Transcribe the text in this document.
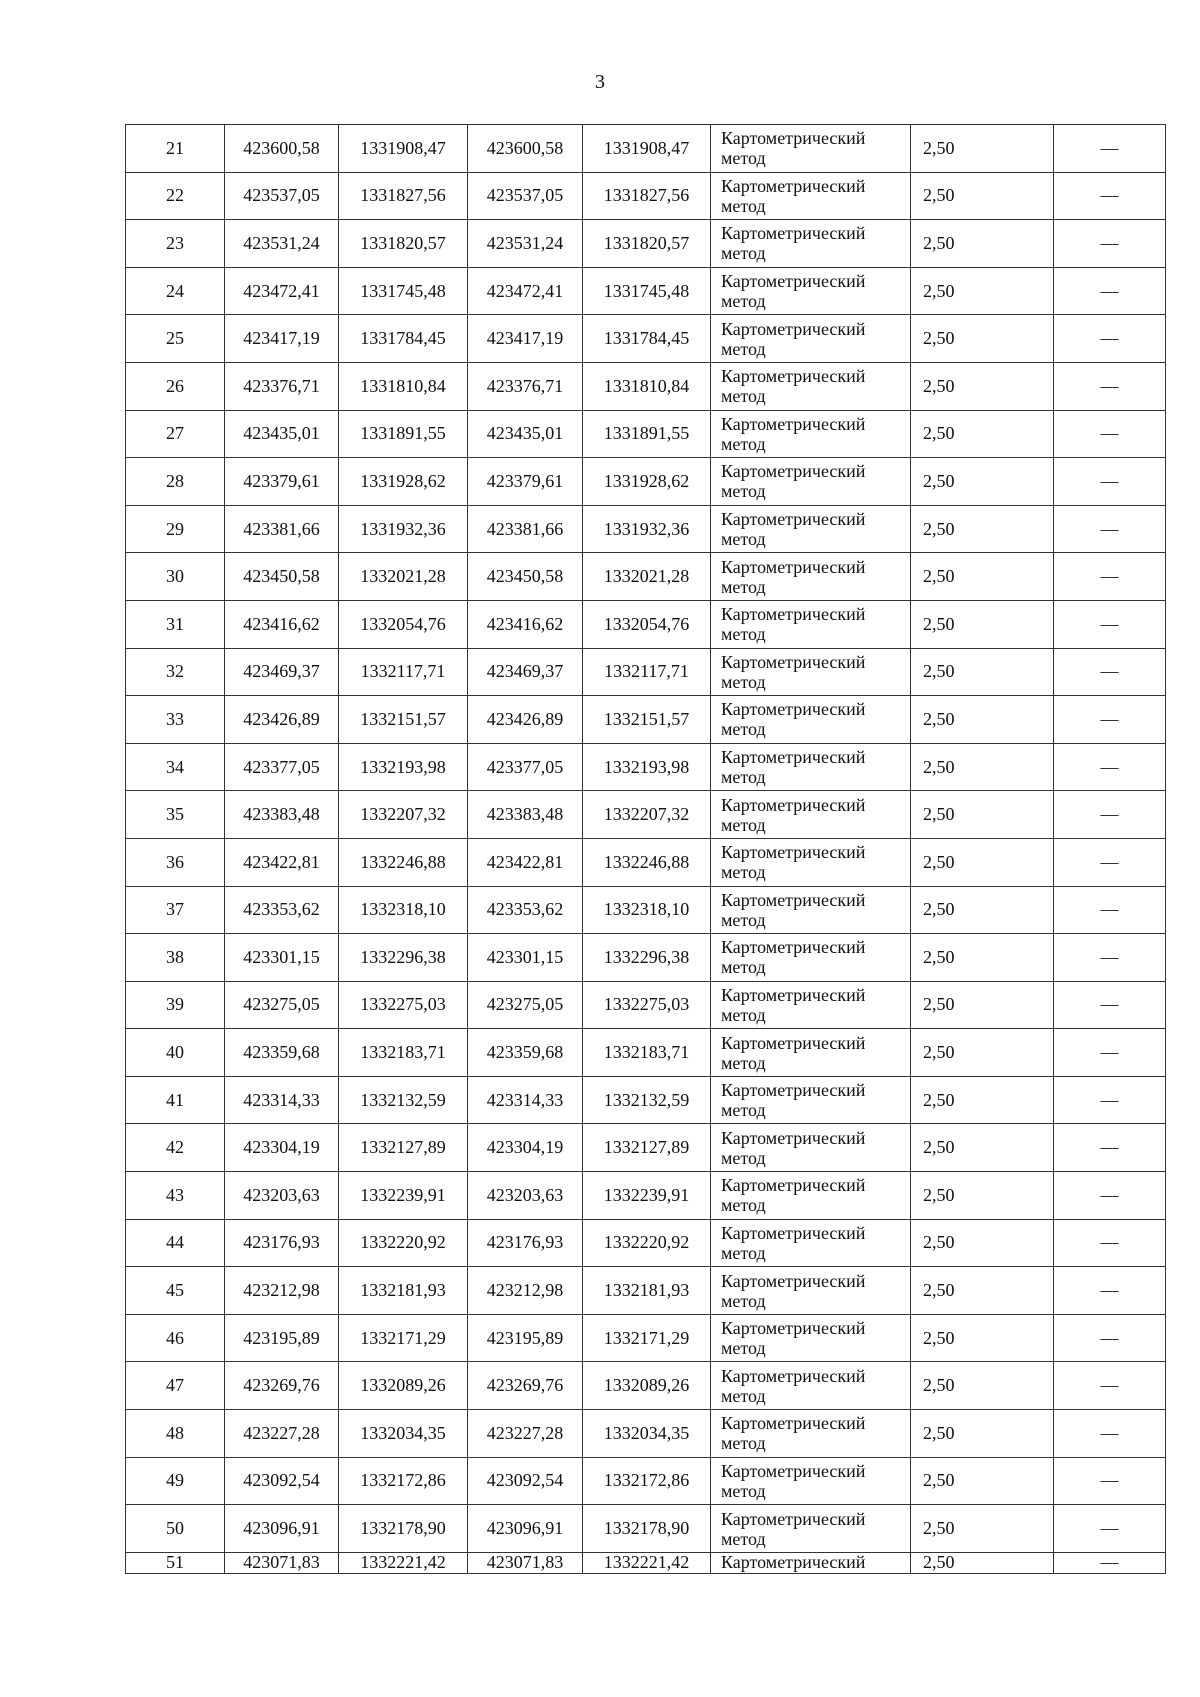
3
21	423600,58	1331908,47	423600,58	1331908,47	Картометрический
метод	2,50	—
22	423537,05	1331827,56	423537,05	1331827,56	Картометрический
метод	2,50	—
23	423531,24	1331820,57	423531,24	1331820,57	Картометрический
метод	2,50	—
24	423472,41	1331745,48	423472,41	1331745,48	Картометрический
метод	2,50	—
25	423417,19	1331784,45	423417,19	1331784,45	Картометрический
метод	2,50	—
26	423376,71	1331810,84	423376,71	1331810,84	Картометрический
метод	2,50	—
27	423435,01	1331891,55	423435,01	1331891,55	Картометрический
метод	2,50	—
28	423379,61	1331928,62	423379,61	1331928,62	Картометрический
метод	2,50	—
29	423381,66	1331932,36	423381,66	1331932,36	Картометрический
метод	2,50	—
30	423450,58	1332021,28	423450,58	1332021,28	Картометрический
метод	2,50	—
31	423416,62	1332054,76	423416,62	1332054,76	Картометрический
метод	2,50	—
32	423469,37	1332117,71	423469,37	1332117,71	Картометрический
метод	2,50	—
33	423426,89	1332151,57	423426,89	1332151,57	Картометрический
метод	2,50	—
34	423377,05	1332193,98	423377,05	1332193,98	Картометрический
метод	2,50	—
35	423383,48	1332207,32	423383,48	1332207,32	Картометрический
метод	2,50	—
36	423422,81	1332246,88	423422,81	1332246,88	Картометрический
метод	2,50	—
37	423353,62	1332318,10	423353,62	1332318,10	Картометрический
метод	2,50	—
38	423301,15	1332296,38	423301,15	1332296,38	Картометрический
метод	2,50	—
39	423275,05	1332275,03	423275,05	1332275,03	Картометрический
метод	2,50	—
40	423359,68	1332183,71	423359,68	1332183,71	Картометрический
метод	2,50	—
41	423314,33	1332132,59	423314,33	1332132,59	Картометрический
метод	2,50	—
42	423304,19	1332127,89	423304,19	1332127,89	Картометрический
метод	2,50	—
43	423203,63	1332239,91	423203,63	1332239,91	Картометрический
метод	2,50	—
44	423176,93	1332220,92	423176,93	1332220,92	Картометрический
метод	2,50	—
45	423212,98	1332181,93	423212,98	1332181,93	Картометрический
метод	2,50	—
46	423195,89	1332171,29	423195,89	1332171,29	Картометрический
метод	2,50	—
47	423269,76	1332089,26	423269,76	1332089,26	Картометрический
метод	2,50	—
48	423227,28	1332034,35	423227,28	1332034,35	Картометрический
метод	2,50	—
49	423092,54	1332172,86	423092,54	1332172,86	Картометрический
метод	2,50	—
50	423096,91	1332178,90	423096,91	1332178,90	Картометрический
метод	2,50	—
51	423071,83	1332221,42	423071,83	1332221,42	Картометрический	2,50	—
